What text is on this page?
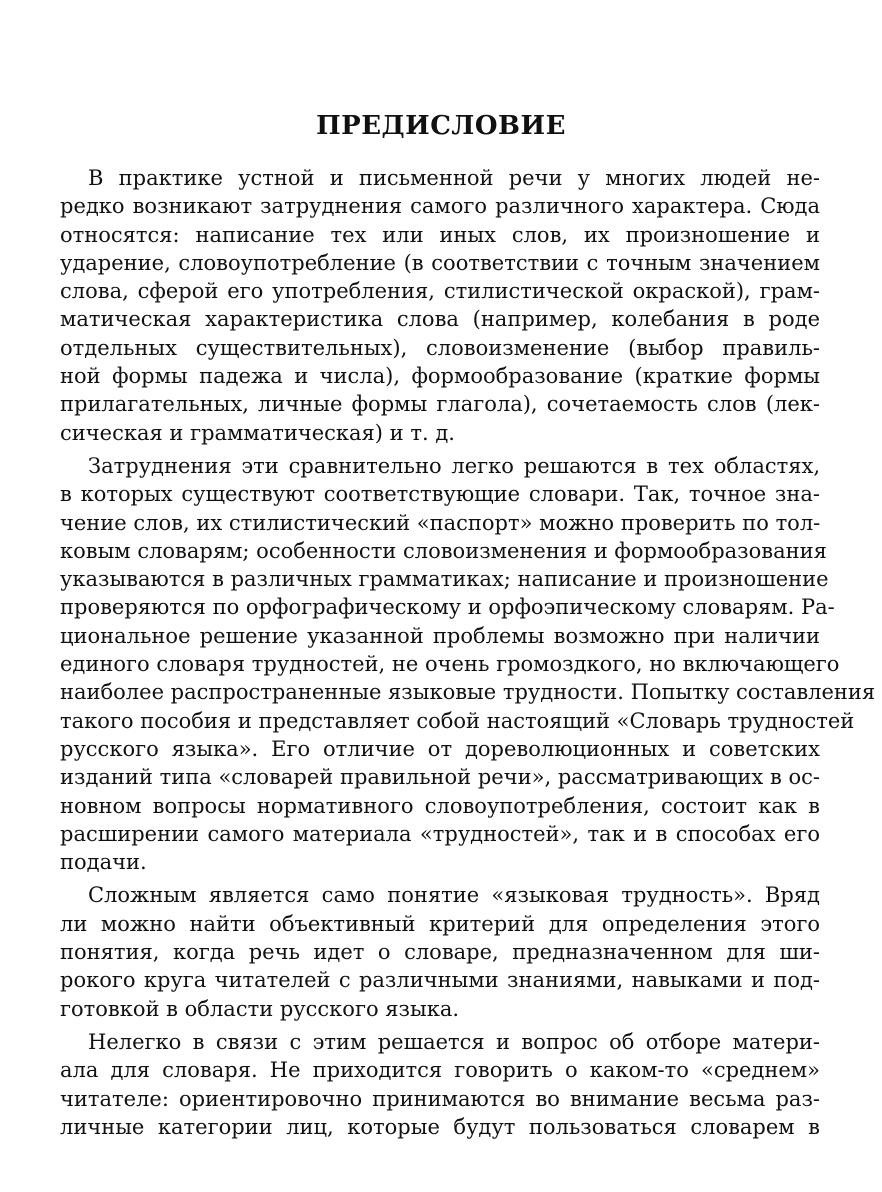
ПРЕДИСЛОВИЕ
В практике устной и письменной речи у многих людей не-
редко возникают затруднения самого различного характера. Сюда
относятся: написание тех или иных слов, их произношение и
ударение, словоупотребление (в соответствии с точным значением
слова, сферой его употребления, стилистической окраской), грам-
матическая характеристика слова (например, колебания в роде
отдельных существительных), словоизменение (выбор правиль-
ной формы падежа и числа), формообразование (краткие формы
прилагательных, личные формы глагола), сочетаемость слов (лек-
сическая и грамматическая) и т. д.
Затруднения эти сравнительно легко решаются в тех областях,
в которых существуют соответствующие словари. Так, точное зна-
чение слов, их стилистический «паспорт» можно проверить по тол-
ковым словарям; особенности словоизменения и формообразования
указываются в различных грамматиках; написание и произношение
проверяются по орфографическому и орфоэпическому словарям. Ра-
циональное решение указанной проблемы возможно при наличии
единого словаря трудностей, не очень громоздкого, но включающего
наиболее распространенные языковые трудности. Попытку составления
такого пособия и представляет собой настоящий «Словарь трудностей
русского языка». Его отличие от дореволюционных и советских
изданий типа «словарей правильной речи», рассматривающих в ос-
новном вопросы нормативного словоупотребления, состоит как в
расширении самого материала «трудностей», так и в способах его
подачи.
Сложным является само понятие «языковая трудность». Вряд
ли можно найти объективный критерий для определения этого
понятия, когда речь идет о словаре, предназначенном для ши-
рокого круга читателей с различными знаниями, навыками и под-
готовкой в области русского языка.
Нелегко в связи с этим решается и вопрос об отборе матери-
ала для словаря. Не приходится говорить о каком-то «среднем»
читателе: ориентировочно принимаются во внимание весьма раз-
личные категории лиц, которые будут пользоваться словарем в
